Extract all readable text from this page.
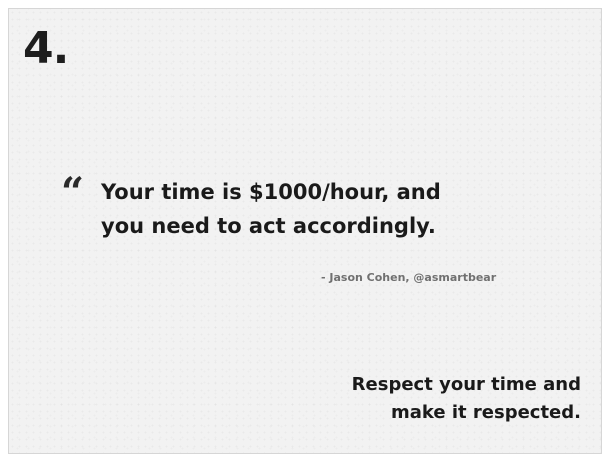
4.
“ Your time is $1000/hour, and
you need to act accordingly.
- Jason Cohen, @asmartbear
Respect your time and
make it respected.
